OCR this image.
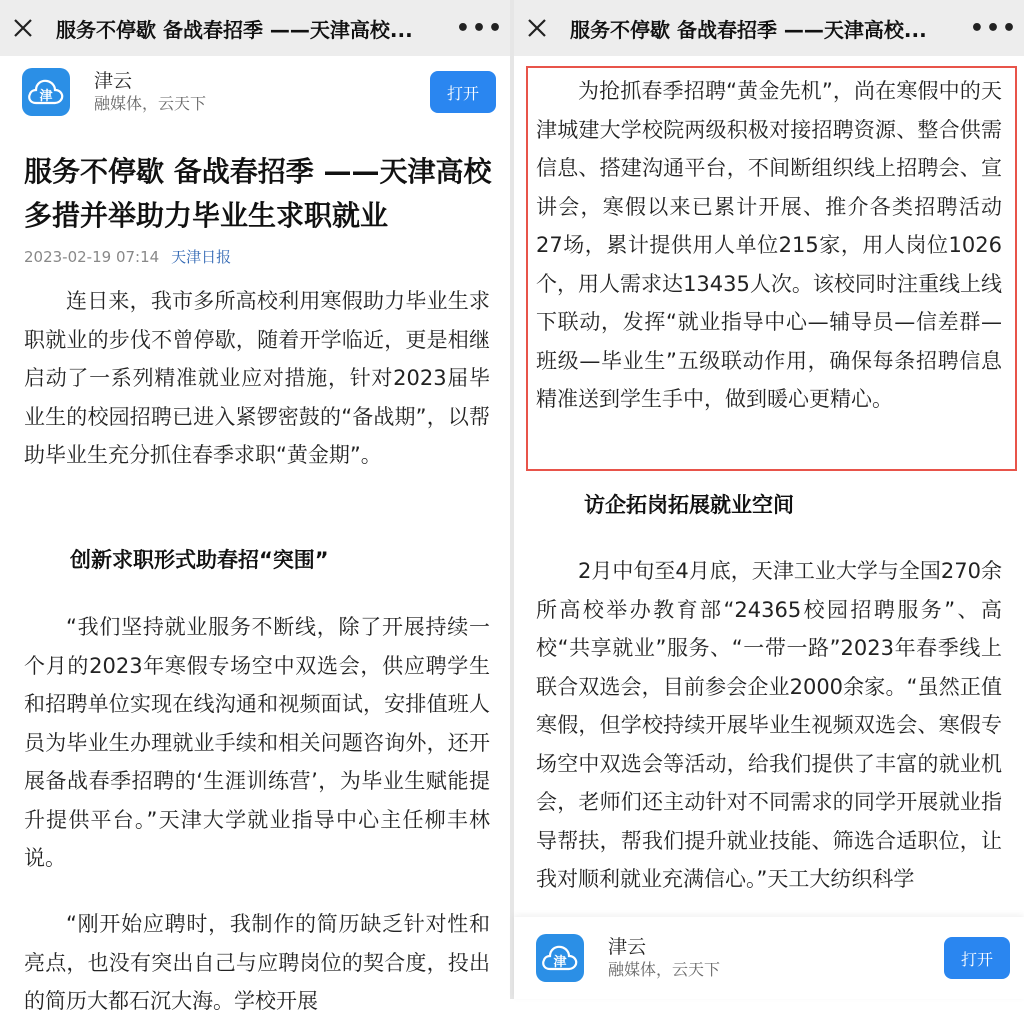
服务不停歇 备战春招季 ——天津高校...	•••
津
津云
融媒体，云天下
打开
服务不停歇 备战春招季 ——天津高校多措并举助力毕业生求职就业
2023-02-19 07:14 天津日报

连日来，我市多所高校利用寒假助力毕业生求职就业的步伐不曾停歇，随着开学临近，更是相继启动了一系列精准就业应对措施，针对2023届毕业生的校园招聘已进入紧锣密鼓的“备战期”，以帮助毕业生充分抓住春季求职“黄金期”。

创新求职形式助春招“突围”

“我们坚持就业服务不断线，除了开展持续一个月的2023年寒假专场空中双选会，供应聘学生和招聘单位实现在线沟通和视频面试，安排值班人员为毕业生办理就业手续和相关问题咨询外，还开展备战春季招聘的‘生涯训练营’，为毕业生赋能提升提供平台。”天津大学就业指导中心主任柳丰林说。

“刚开始应聘时，我制作的简历缺乏针对性和亮点，也没有突出自己与应聘岗位的契合度，投出的简历大都石沉大海。学校开展

服务不停歇 备战春招季 ——天津高校...	•••

为抢抓春季招聘“黄金先机”，尚在寒假中的天津城建大学校院两级积极对接招聘资源、整合供需信息、搭建沟通平台，不间断组织线上招聘会、宣讲会，寒假以来已累计开展、推介各类招聘活动27场，累计提供用人单位215家，用人岗位1026个，用人需求达13435人次。该校同时注重线上线下联动，发挥“就业指导中心—辅导员—信差群—班级—毕业生”五级联动作用，确保每条招聘信息精准送到学生手中，做到暖心更精心。

访企拓岗拓展就业空间

2月中旬至4月底，天津工业大学与全国270余所高校举办教育部“24365校园招聘服务”、高校“共享就业”服务、“一带一路”2023年春季线上联合双选会，目前参会企业2000余家。“虽然正值寒假，但学校持续开展毕业生视频双选会、寒假专场空中双选会等活动，给我们提供了丰富的就业机会，老师们还主动针对不同需求的同学开展就业指导帮扶，帮我们提升就业技能、筛选合适职位，让我对顺利就业充满信心。”天工大纺织科学

津
津云
融媒体，云天下
打开
